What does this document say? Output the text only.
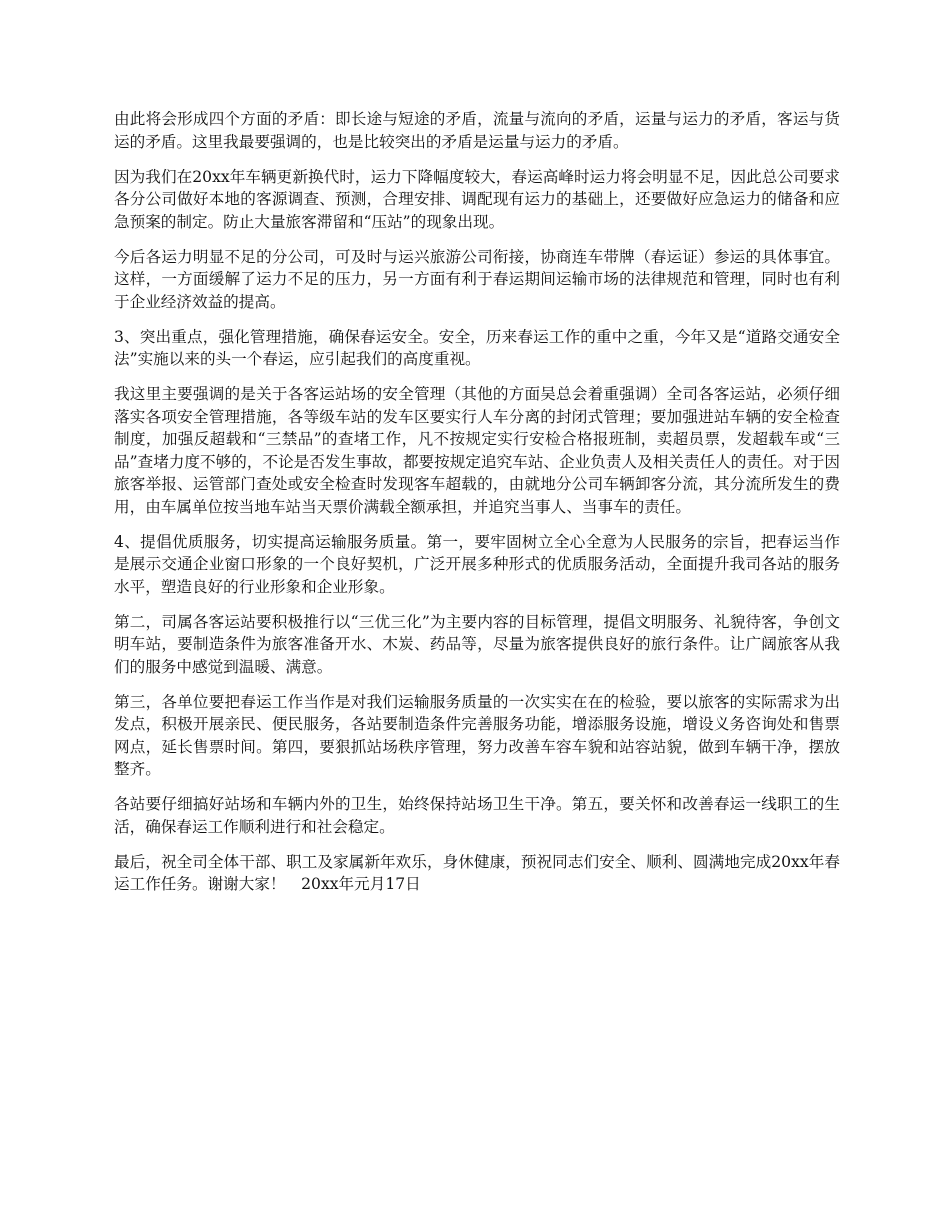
由此将会形成四个方面的矛盾：即长途与短途的矛盾，流量与流向的矛盾，运量与运力的矛盾，客运与货运的矛盾。这里我最要强调的，也是比较突出的矛盾是运量与运力的矛盾。

因为我们在20xx年车辆更新换代时，运力下降幅度较大，春运高峰时运力将会明显不足，因此总公司要求各分公司做好本地的客源调查、预测，合理安排、调配现有运力的基础上，还要做好应急运力的储备和应急预案的制定。防止大量旅客滞留和“压站”的现象出现。

今后各运力明显不足的分公司，可及时与运兴旅游公司衔接，协商连车带牌（春运证）参运的具体事宜。这样，一方面缓解了运力不足的压力，另一方面有利于春运期间运输市场的法律规范和管理，同时也有利于企业经济效益的提高。

3、突出重点，强化管理措施，确保春运安全。安全，历来春运工作的重中之重，今年又是“道路交通安全法”实施以来的头一个春运，应引起我们的高度重视。

我这里主要强调的是关于各客运站场的安全管理（其他的方面吴总会着重强调）全司各客运站，必须仔细落实各项安全管理措施，各等级车站的发车区要实行人车分离的封闭式管理；要加强进站车辆的安全检查制度，加强反超载和“三禁品”的查堵工作，凡不按规定实行安检合格报班制，卖超员票，发超载车或“三品”查堵力度不够的，不论是否发生事故，都要按规定追究车站、企业负责人及相关责任人的责任。对于因旅客举报、运管部门查处或安全检查时发现客车超载的，由就地分公司车辆卸客分流，其分流所发生的费用，由车属单位按当地车站当天票价满载全额承担，并追究当事人、当事车的责任。

4、提倡优质服务，切实提高运输服务质量。第一，要牢固树立全心全意为人民服务的宗旨，把春运当作是展示交通企业窗口形象的一个良好契机，广泛开展多种形式的优质服务活动，全面提升我司各站的服务水平，塑造良好的行业形象和企业形象。

第二，司属各客运站要积极推行以“三优三化”为主要内容的目标管理，提倡文明服务、礼貌待客，争创文明车站，要制造条件为旅客准备开水、木炭、药品等，尽量为旅客提供良好的旅行条件。让广阔旅客从我们的服务中感觉到温暖、满意。

第三，各单位要把春运工作当作是对我们运输服务质量的一次实实在在的检验，要以旅客的实际需求为出发点，积极开展亲民、便民服务，各站要制造条件完善服务功能，增添服务设施，增设义务咨询处和售票网点，延长售票时间。第四，要狠抓站场秩序管理，努力改善车容车貌和站容站貌，做到车辆干净，摆放整齐。

各站要仔细搞好站场和车辆内外的卫生，始终保持站场卫生干净。第五，要关怀和改善春运一线职工的生活，确保春运工作顺利进行和社会稳定。

最后，祝全司全体干部、职工及家属新年欢乐，身休健康，预祝同志们安全、顺利、圆满地完成20xx年春运工作任务。谢谢大家！　20xx年元月17日
